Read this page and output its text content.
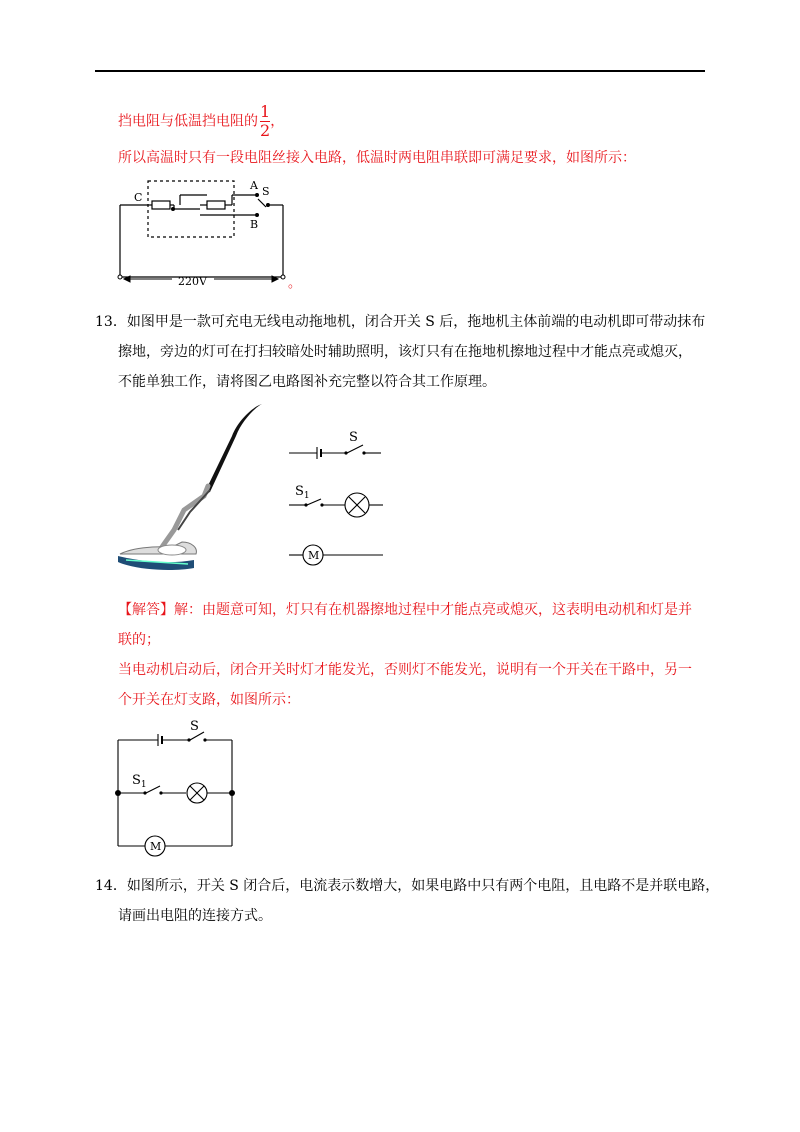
挡电阻与低温挡电阻的 $\frac{1}{2}$ ，
所以高温时只有一段电阻丝接入电路，低温时两电阻串联即可满足要求，如图所示：
C
A S
B
220V	。
13．如图甲是一款可充电无线电动拖地机，闭合开关 S 后，拖地机主体前端的电动机即可带动抹布
擦地，旁边的灯可在打扫较暗处时辅助照明，该灯只有在拖地机擦地过程中才能点亮或熄灭，
不能单独工作，请将图乙电路图补充完整以符合其工作原理。
S
$S_1$
M
【解答】解：由题意可知，灯只有在机器擦地过程中才能点亮或熄灭，这表明电动机和灯是并
联的；
当电动机启动后，闭合开关时灯才能发光，否则灯不能发光，说明有一个开关在干路中，另一
个开关在灯支路，如图所示：
S
$S_1$
M
14．如图所示，开关 S 闭合后，电流表示数增大，如果电路中只有两个电阻，且电路不是并联电路，
请画出电阻的连接方式。
